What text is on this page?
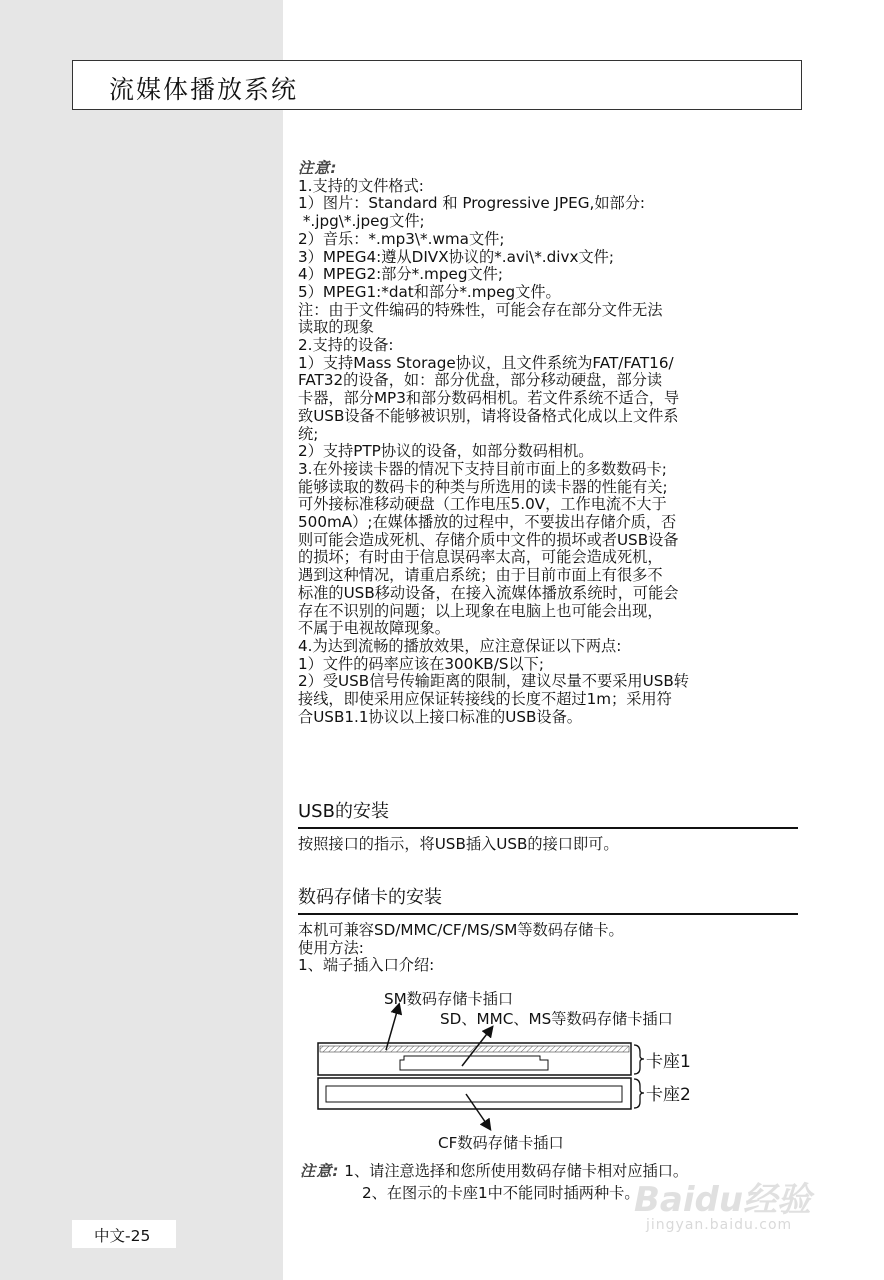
流媒体播放系统
注意:
1.支持的文件格式:
1）图片：Standard 和 Progressive JPEG,如部分:
*.jpg\*.jpeg文件;
2）音乐：*.mp3\*.wma文件;
3）MPEG4:遵从DIVX协议的*.avi\*.divx文件;
4）MPEG2:部分*.mpeg文件;
5）MPEG1:*dat和部分*.mpeg文件。
注：由于文件编码的特殊性，可能会存在部分文件无法
读取的现象
2.支持的设备:
1）支持Mass Storage协议，且文件系统为FAT/FAT16/
FAT32的设备，如：部分优盘，部分移动硬盘，部分读
卡器，部分MP3和部分数码相机。若文件系统不适合，导
致USB设备不能够被识别，请将设备格式化成以上文件系
统;
2）支持PTP协议的设备，如部分数码相机。
3.在外接读卡器的情况下支持目前市面上的多数数码卡;
能够读取的数码卡的种类与所选用的读卡器的性能有关;
可外接标准移动硬盘（工作电压5.0V，工作电流不大于
500mA）;在媒体播放的过程中，不要拔出存储介质，否
则可能会造成死机、存储介质中文件的损坏或者USB设备
的损坏；有时由于信息误码率太高，可能会造成死机，
遇到这种情况，请重启系统；由于目前市面上有很多不
标准的USB移动设备，在接入流媒体播放系统时，可能会
存在不识别的问题；以上现象在电脑上也可能会出现，
不属于电视故障现象。
4.为达到流畅的播放效果，应注意保证以下两点:
1）文件的码率应该在300KB/S以下;
2）受USB信号传输距离的限制，建议尽量不要采用USB转
接线，即使采用应保证转接线的长度不超过1m；采用符
合USB1.1协议以上接口标准的USB设备。
USB的安装
按照接口的指示，将USB插入USB的接口即可。
数码存储卡的安装
本机可兼容SD/MMC/CF/MS/SM等数码存储卡。
使用方法:
1、端子插入口介绍:
SM数码存储卡插口
SD、MMC、MS等数码存储卡插口
卡座1
卡座2
CF数码存储卡插口
注意: 1、请注意选择和您所使用数码存储卡相对应插口。
2、在图示的卡座1中不能同时插两种卡。
Baidu经验
jingyan.baidu.com
中文-25
